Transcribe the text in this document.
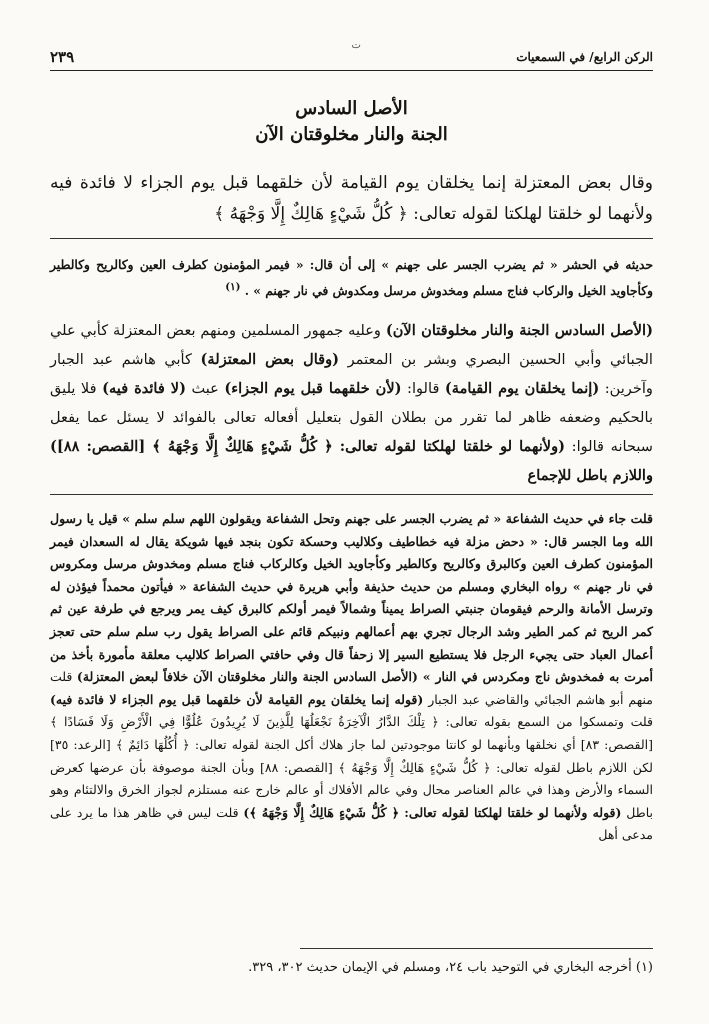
الركن الرابع/ في السمعيات
ت
٢٣٩
الأصل السادس
الجنة والنار مخلوقتان الآن
وقال بعض المعتزلة إنما يخلقان يوم القيامة لأن خلقهما قبل يوم الجزاء لا فائدة فيه ولأنهما لو خلقتا لهلكتا لقوله تعالى: ﴿ كُلُّ شَيْءٍ هَالِكٌ إِلَّا وَجْهَهُ ﴾
حديثه في الحشر « ثم يضرب الجسر على جهنم » إلى أن قال: « فيمر المؤمنون كطرف العين وكالريح وكالطير وكأجاويد الخيل والركاب فناج مسلم ومخدوش مرسل ومكدوش في نار جهنم » . $^{(١)}$
(الأصل السادس الجنة والنار مخلوقتان الآن) وعليه جمهور المسلمين ومنهم بعض المعتزلة كأبي علي الجبائي وأبي الحسين البصري وبشر بن المعتمر (وقال بعض المعتزلة) كأبي هاشم عبد الجبار وآخرين: (إنما يخلقان يوم القيامة) قالوا: (لأن خلقهما قبل يوم الجزاء) عبث (لا فائدة فيه) فلا يليق بالحكيم وضعفه ظاهر لما تقرر من بطلان القول بتعليل أفعاله تعالى بالفوائد لا يسئل عما يفعل سبحانه قالوا: (ولأنهما لو خلقتا لهلكتا لقوله تعالى: ﴿ كُلُّ شَيْءٍ هَالِكٌ إِلَّا وَجْهَهُ ﴾ [القصص: ٨٨]) واللازم باطل للإجماع
قلت جاء في حديث الشفاعة « ثم يضرب الجسر على جهنم وتحل الشفاعة ويقولون اللهم سلم سلم » قيل يا رسول الله وما الجسر قال: « دحض مزلة فيه خطاطيف وكلاليب وحسكة تكون بنجد فيها شويكة يقال له السعدان فيمر المؤمنون كطرف العين وكالبرق وكالريح وكالطير وكأجاويد الخيل وكالركاب فناج مسلم ومخدوش مرسل ومكروس في نار جهنم » رواه البخاري ومسلم من حديث حذيفة وأبي هريرة في حديث الشفاعة « فيأتون محمداً فيؤذن له وترسل الأمانة والرحم فيقومان جنبتي الصراط يميناً وشمالاً فيمر أولكم كالبرق كيف يمر ويرجع في طرفة عين ثم كمر الريح ثم كمر الطير وشد الرجال تجري بهم أعمالهم ونبيكم قائم على الصراط يقول رب سلم سلم حتى تعجز أعمال العباد حتى يجيء الرجل فلا يستطيع السير إلا زحفاً قال وفي حافتي الصراط كلاليب معلقة مأمورة بأخذ من أمرت به فمخدوش ناج ومكردس في النار » (الأصل السادس الجنة والنار مخلوقتان الآن خلافاً لبعض المعتزلة) قلت منهم أبو هاشم الجبائي والقاضي عبد الجبار (قوله إنما يخلقان يوم القيامة لأن خلقهما قبل يوم الجزاء لا فائدة فيه) قلت وتمسكوا من السمع بقوله تعالى: ﴿ تِلْكَ الدَّارُ الْآخِرَةُ نَجْعَلُهَا لِلَّذِينَ لَا يُرِيدُونَ عُلُوًّا فِي الْأَرْضِ وَلَا فَسَادًا ﴾ [القصص: ٨٣] أي نخلقها وبأنهما لو كانتا موجودتين لما جاز هلاك أكل الجنة لقوله تعالى: ﴿ أُكُلُهَا دَائِمٌ ﴾ [الرعد: ٣٥] لكن اللازم باطل لقوله تعالى: ﴿ كُلُّ شَيْءٍ هَالِكٌ إِلَّا وَجْهَهُ ﴾ [القصص: ٨٨] وبأن الجنة موصوفة بأن عرضها كعرض السماء والأرض وهذا في عالم العناصر محال وفي عالم الأفلاك أو عالم خارج عنه مستلزم لجواز الخرق والالتئام وهو باطل (قوله ولأنهما لو خلقتا لهلكتا لقوله تعالى: ﴿ كُلُّ شَيْءٍ هَالِكٌ إِلَّا وَجْهَهُ ﴾) قلت ليس في ظاهر هذا ما يرد على مدعى أهل
(١) أخرجه البخاري في التوحيد باب ٢٤، ومسلم في الإيمان حديث ٣٠٢، ٣٢٩.
